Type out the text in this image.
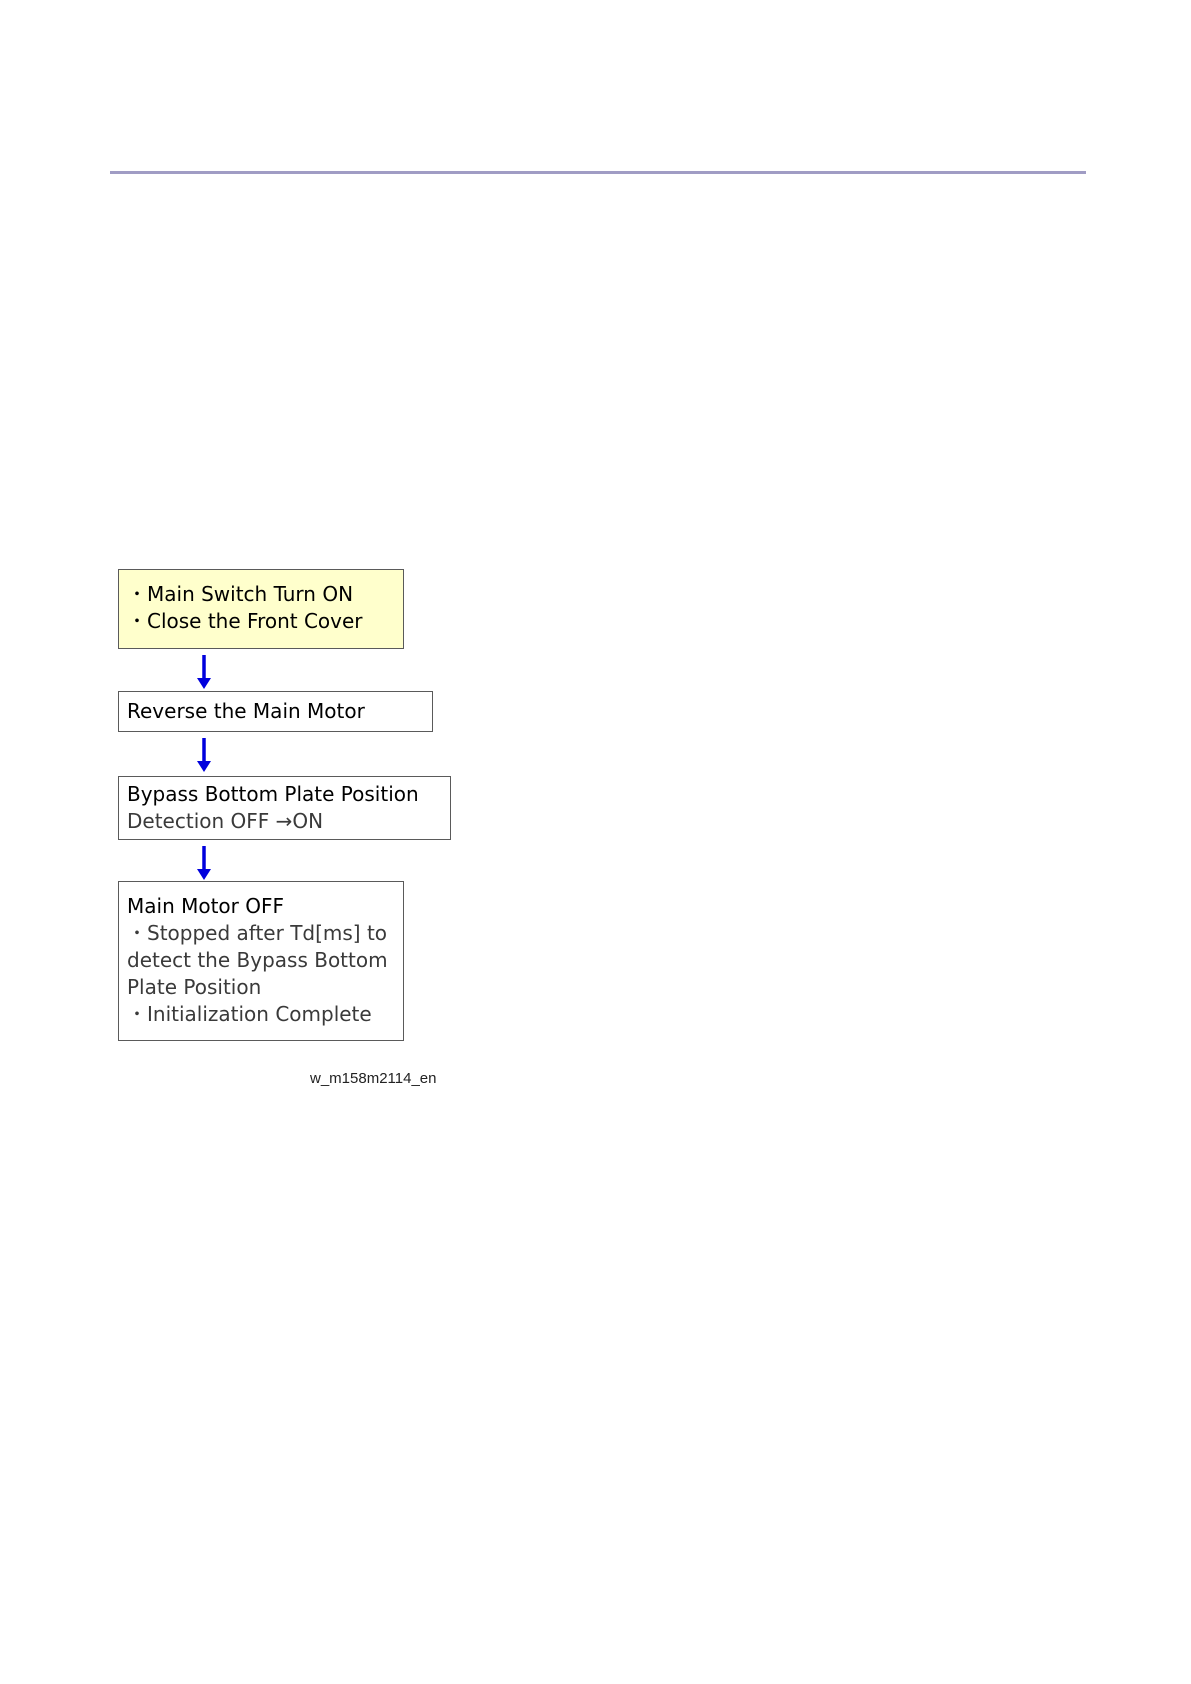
・Main Switch Turn ON
・Close the Front Cover
Reverse the Main Motor
Bypass Bottom Plate Position
Detection OFF →ON
Main Motor OFF
・Stopped after Td[ms] to
detect the Bypass Bottom
Plate Position
・Initialization Complete
w_m158m2114_en
